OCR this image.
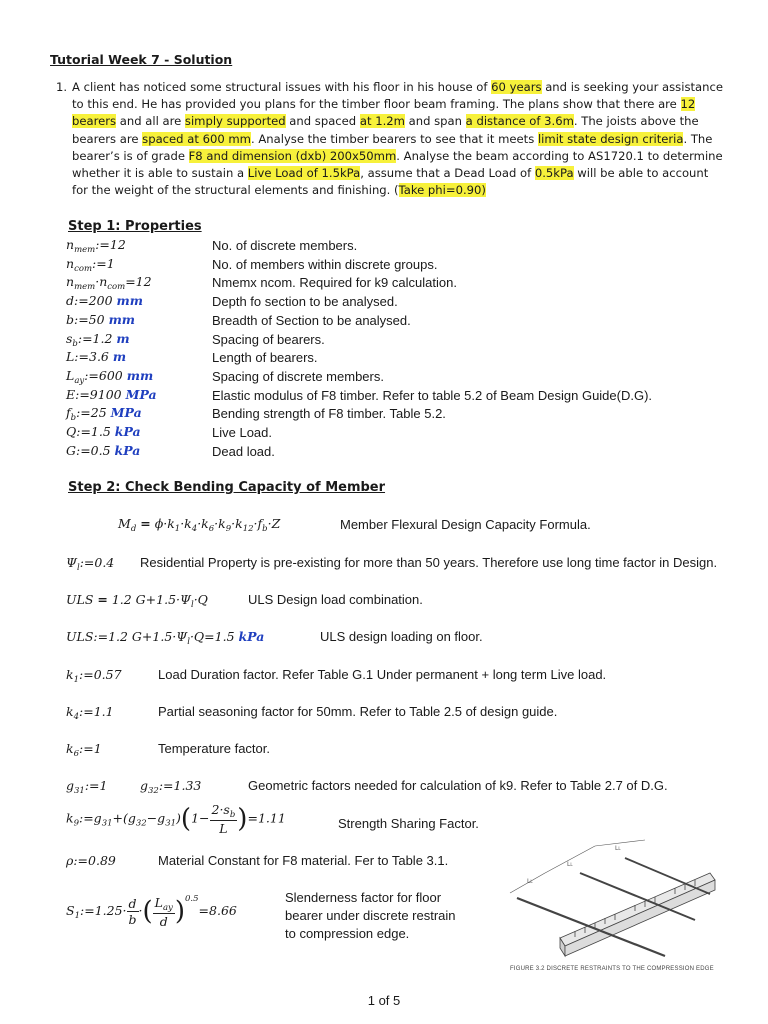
Tutorial Week 7 - Solution
1. A client has noticed some structural issues with his floor in his house of 60 years and is seeking your assistance to this end. He has provided you plans for the timber floor beam framing. The plans show that there are 12 bearers and all are simply supported and spaced at 1.2m and span a distance of 3.6m. The joists above the bearers are spaced at 600 mm. Analyse the timber bearers to see that it meets limit state design criteria. The bearer’s is of grade F8 and dimension (dxb) 200x50mm. Analyse the beam according to AS1720.1 to determine whether it is able to sustain a Live Load of 1.5kPa, assume that a Dead Load of 0.5kPa will be able to account for the weight of the structural elements and finishing. (Take phi=0.90)
Step 1: Properties
$n_{mem}:=12$	No. of discrete members.
$n_{com}:=1$	No. of members within discrete groups.
$n_{mem}\cdot n_{com}=12$	Nmemx ncom. Required for k9 calculation.
d:=200 mm	Depth fo section to be analysed.
b:=50 mm	Breadth of Section to be analysed.
$s_b:=1.2$ m	Spacing of bearers.
L:=3.6 m	Length of bearers.
$L_{ay}:=600$ mm	Spacing of discrete members.
E:=9100 MPa	Elastic modulus of F8 timber. Refer to table 5.2 of Beam Design Guide(D.G).
$f_b:=25$ MPa	Bending strength of F8 timber. Table 5.2.
Q:=1.5 kPa	Live Load.
G:=0.5 kPa	Dead load.
Step 2: Check Bending Capacity of Member
$M_d = \phi\cdot k_1\cdot k_4\cdot k_6\cdot k_9\cdot k_{12}\cdot f_b\cdot Z$	Member Flexural Design Capacity Formula.
$\Psi_l:=0.4$ Residential Property is pre-existing for more than 50 years. Therefore use long time factor in Design.
ULS = 1.2 $G+1.5\cdot\Psi_l\cdot Q$	ULS Design load combination.
ULS:=1.2 $G+1.5\cdot\Psi_l\cdot Q=1.5$ kPa	ULS design loading on floor.
$k_1:=0.57$	Load Duration factor. Refer Table G.1 Under permanent + long term Live load.
$k_4:=1.1$	Partial seasoning factor for 50mm. Refer to Table 2.5 of design guide.
$k_6:=1$	Temperature factor.
$g_{31}:=1$	$g_{32}:=1.33$	Geometric factors needed for calculation of k9. Refer to Table 2.7 of D.G.
$k_9:=g_{31}+(g_{32}-g_{31})(1- \frac{2\cdot s_b}{L} )=1.11$	Strength Sharing Factor.
ρ:=0.89	Material Constant for F8 material. Fer to Table 3.1.
$S_1:=1.25\cdot \frac{d}{b}$ ·( $\frac{L_{ay}}{d} )^{0.5}=8.66$
Slenderness factor for floor
bearer under discrete restrain
to compression edge.
LL
LL
LL
FIGURE 3.2 DISCRETE RESTRAINTS TO THE COMPRESSION EDGE
1 of 5
